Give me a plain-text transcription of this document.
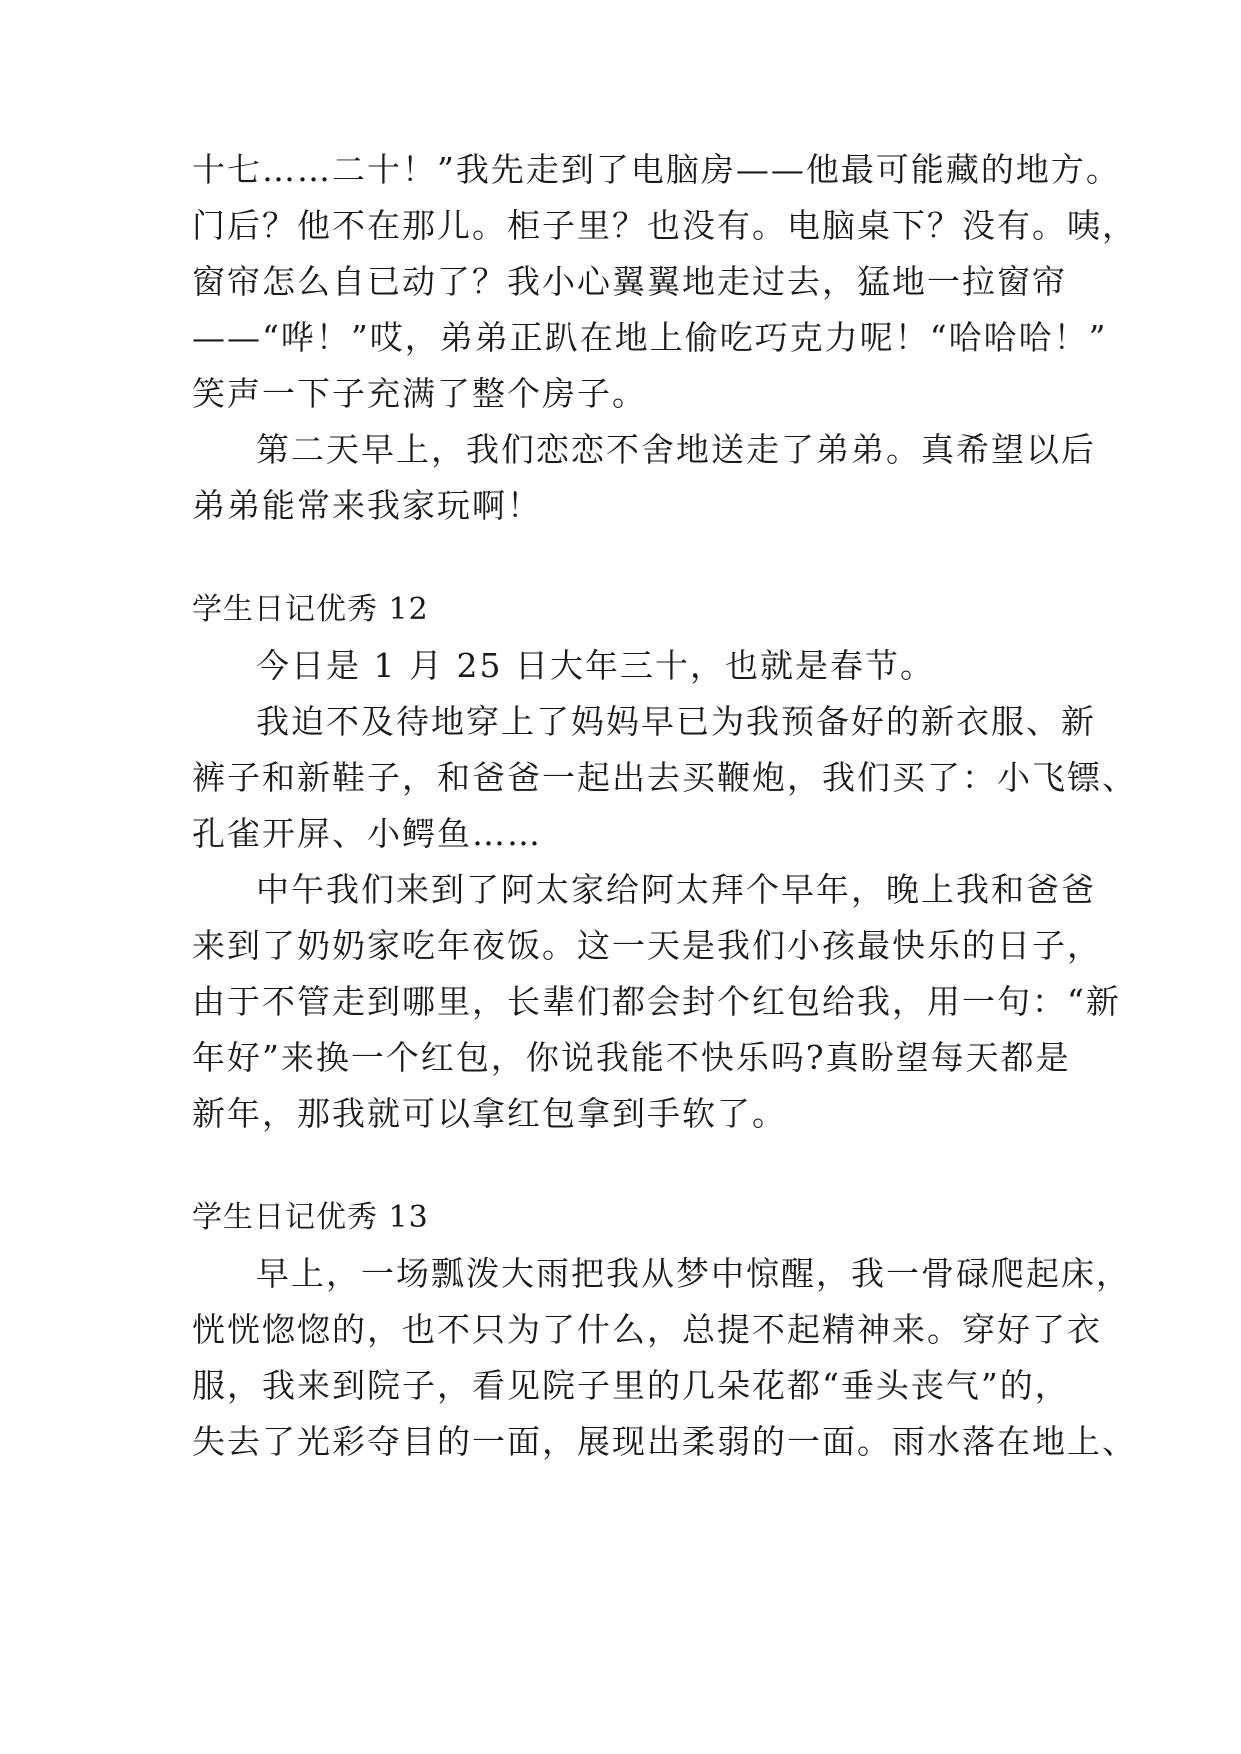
十七……二十！”我先走到了电脑房——他最可能藏的地方。
门后？他不在那儿。柜子里？也没有。电脑桌下？没有。咦，
窗帘怎么自已动了？我小心翼翼地走过去，猛地一拉窗帘
——“哗！”哎，弟弟正趴在地上偷吃巧克力呢！“哈哈哈！”
笑声一下子充满了整个房子。
第二天早上，我们恋恋不舍地送走了弟弟。真希望以后
弟弟能常来我家玩啊！
学生日记优秀 12
今日是 1 月 25 日大年三十，也就是春节。
我迫不及待地穿上了妈妈早已为我预备好的新衣服、新
裤子和新鞋子，和爸爸一起出去买鞭炮，我们买了：小飞镖、
孔雀开屏、小鳄鱼……
中午我们来到了阿太家给阿太拜个早年，晚上我和爸爸
来到了奶奶家吃年夜饭。这一天是我们小孩最快乐的日子，
由于不管走到哪里，长辈们都会封个红包给我，用一句：“新
年好”来换一个红包，你说我能不快乐吗?真盼望每天都是
新年，那我就可以拿红包拿到手软了。
学生日记优秀 13
早上，一场瓢泼大雨把我从梦中惊醒，我一骨碌爬起床，
恍恍惚惚的，也不只为了什么，总提不起精神来。穿好了衣
服，我来到院子，看见院子里的几朵花都“垂头丧气”的，
失去了光彩夺目的一面，展现出柔弱的一面。雨水落在地上、
